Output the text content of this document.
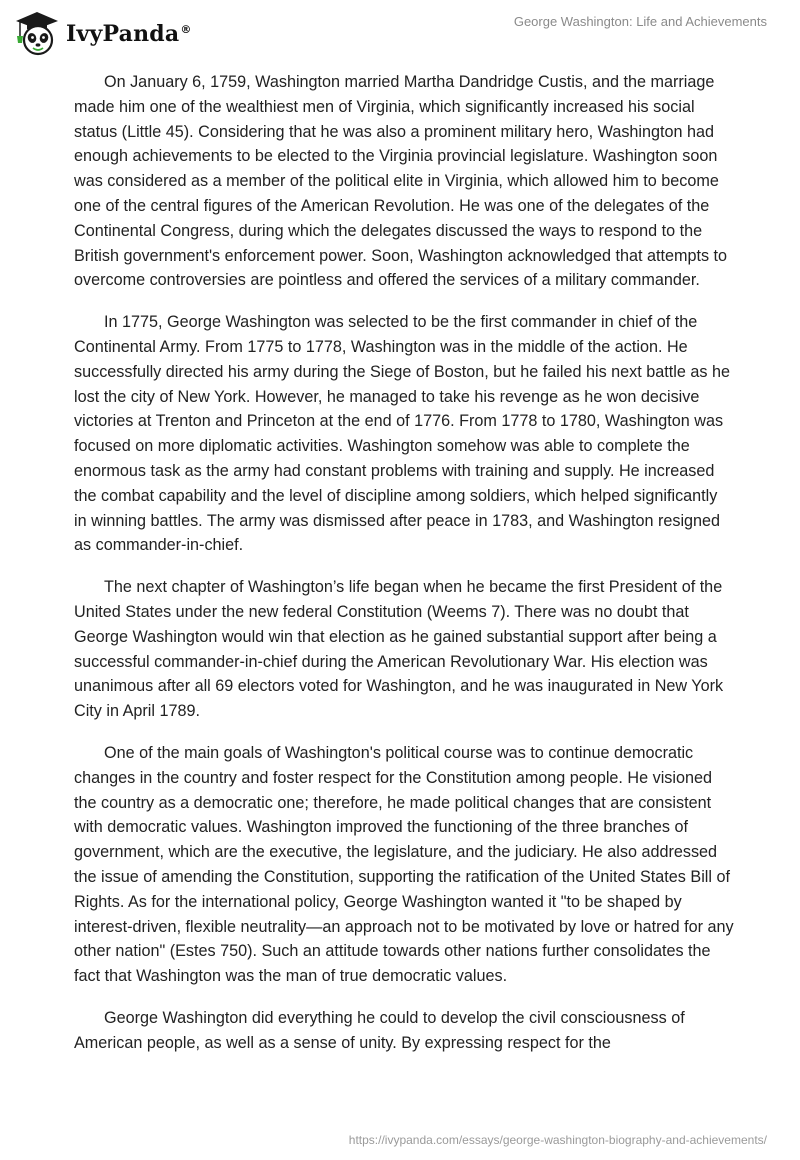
IvyPanda®
George Washington: Life and Achievements

On January 6, 1759, Washington married Martha Dandridge Custis, and the marriage made him one of the wealthiest men of Virginia, which significantly increased his social status (Little 45). Considering that he was also a prominent military hero, Washington had enough achievements to be elected to the Virginia provincial legislature. Washington soon was considered as a member of the political elite in Virginia, which allowed him to become one of the central figures of the American Revolution. He was one of the delegates of the Continental Congress, during which the delegates discussed the ways to respond to the British government's enforcement power. Soon, Washington acknowledged that attempts to overcome controversies are pointless and offered the services of a military commander.

In 1775, George Washington was selected to be the first commander in chief of the Continental Army. From 1775 to 1778, Washington was in the middle of the action. He successfully directed his army during the Siege of Boston, but he failed his next battle as he lost the city of New York. However, he managed to take his revenge as he won decisive victories at Trenton and Princeton at the end of 1776. From 1778 to 1780, Washington was focused on more diplomatic activities. Washington somehow was able to complete the enormous task as the army had constant problems with training and supply. He increased the combat capability and the level of discipline among soldiers, which helped significantly in winning battles. The army was dismissed after peace in 1783, and Washington resigned as commander-in-chief.

The next chapter of Washington’s life began when he became the first President of the United States under the new federal Constitution (Weems 7). There was no doubt that George Washington would win that election as he gained substantial support after being a successful commander-in-chief during the American Revolutionary War. His election was unanimous after all 69 electors voted for Washington, and he was inaugurated in New York City in April 1789.

One of the main goals of Washington's political course was to continue democratic changes in the country and foster respect for the Constitution among people. He visioned the country as a democratic one; therefore, he made political changes that are consistent with democratic values. Washington improved the functioning of the three branches of government, which are the executive, the legislature, and the judiciary. He also addressed the issue of amending the Constitution, supporting the ratification of the United States Bill of Rights. As for the international policy, George Washington wanted it "to be shaped by interest-driven, flexible neutrality—an approach not to be motivated by love or hatred for any other nation" (Estes 750). Such an attitude towards other nations further consolidates the fact that Washington was the man of true democratic values.

George Washington did everything he could to develop the civil consciousness of American people, as well as a sense of unity. By expressing respect for the

https://ivypanda.com/essays/george-washington-biography-and-achievements/
